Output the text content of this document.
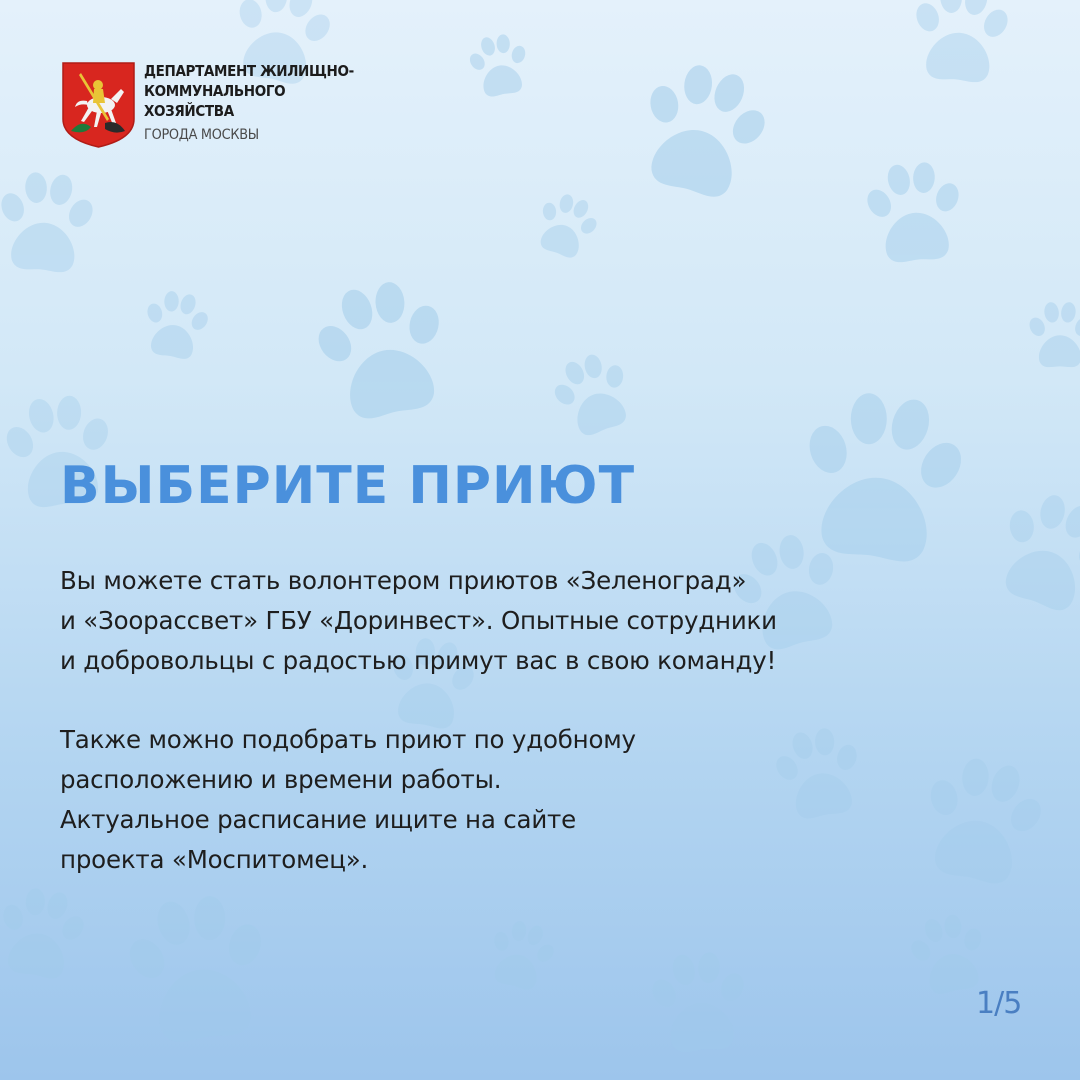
ДЕПАРТАМЕНТ ЖИЛИЩНО-
КОММУНАЛЬНОГО
ХОЗЯЙСТВА
ГОРОДА МОСКВЫ
ВЫБЕРИТЕ ПРИЮТ

Вы можете стать волонтером приютов «Зеленоград»
и «Зоорассвет» ГБУ «Доринвест». Опытные сотрудники
и добровольцы с радостью примут вас в свою команду!

Также можно подобрать приют по удобному
расположению и времени работы.
Актуальное расписание ищите на сайте
проекта «Моспитомец».

1/5
